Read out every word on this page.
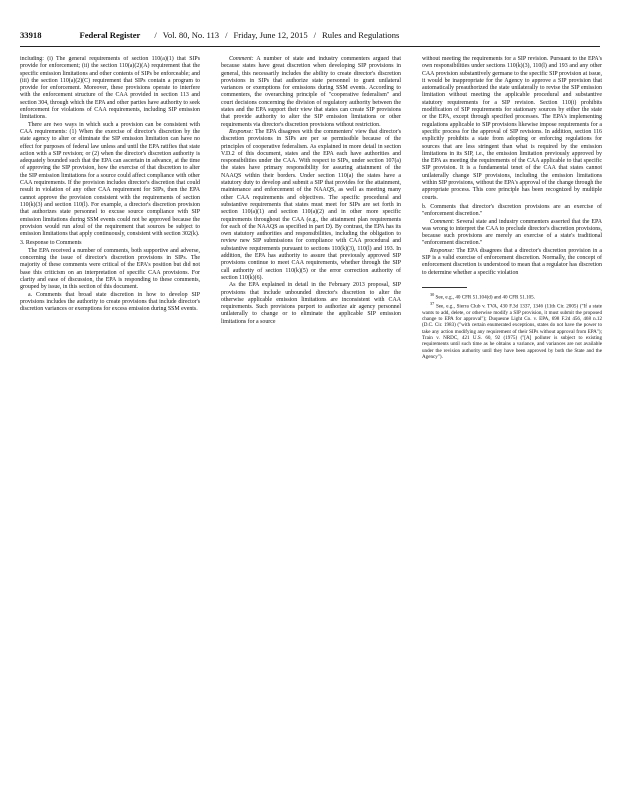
33918	Federal Register / Vol. 80, No. 113 / Friday, June 12, 2015 / Rules and Regulations

including: (i) The general requirements of section 110(a)(1) that SIPs provide for enforcement; (ii) the section 110(a)(2)(A) requirement that the specific emission limitations and other contents of SIPs be enforceable; and (iii) the section 110(a)(2)(C) requirement that SIPs contain a program to provide for enforcement. Moreover, these provisions operate to interfere with the enforcement structure of the CAA provided in section 113 and section 304, through which the EPA and other parties have authority to seek enforcement for violations of CAA requirements, including SIP emission limitations.

There are two ways in which such a provision can be consistent with CAA requirements: (1) When the exercise of director's discretion by the state agency to alter or eliminate the SIP emission limitation can have no effect for purposes of federal law unless and until the EPA ratifies that state action with a SIP revision; or (2) when the director's discretion authority is adequately bounded such that the EPA can ascertain in advance, at the time of approving the SIP provision, how the exercise of that discretion to alter the SIP emission limitations for a source could affect compliance with other CAA requirements. If the provision includes director's discretion that could result in violation of any other CAA requirement for SIPs, then the EPA cannot approve the provision consistent with the requirements of section 110(k)(3) and section 110(l). For example, a director's discretion provision that authorizes state personnel to excuse source compliance with SIP emission limitations during SSM events could not be approved because the provision would run afoul of the requirement that sources be subject to emission limitations that apply continuously, consistent with section 302(k).

3. Response to Comments

The EPA received a number of comments, both supportive and adverse, concerning the issue of director's discretion provisions in SIPs. The majority of these comments were critical of the EPA's position but did not base this criticism on an interpretation of specific CAA provisions. For clarity and ease of discussion, the EPA is responding to these comments, grouped by issue, in this section of this document.

a. Comments that broad state discretion in how to develop SIP provisions includes the authority to create provisions that include director's discretion variances or exemptions for excess emission during SSM events.

Comment: A number of state and industry commenters argued that because states have great discretion when developing SIP provisions in general, this necessarily includes the ability to create director's discretion provisions in SIPs that authorize state personnel to grant unilateral variances or exemptions for emissions during SSM events. According to commenters, the overarching principle of "cooperative federalism" and court decisions concerning the division of regulatory authority between the states and the EPA support their view that states can create SIP provisions that provide authority to alter the SIP emission limitations or other requirements via director's discretion provisions without restriction.

Response: The EPA disagrees with the commenters' view that director's discretion provisions in SIPs are per se permissible because of the principles of cooperative federalism. As explained in more detail in section V.D.2 of this document, states and the EPA each have authorities and responsibilities under the CAA. With respect to SIPs, under section 107(a) the states have primary responsibility for assuring attainment of the NAAQS within their borders. Under section 110(a) the states have a statutory duty to develop and submit a SIP that provides for the attainment, maintenance and enforcement of the NAAQS, as well as meeting many other CAA requirements and objectives. The specific procedural and substantive requirements that states must meet for SIPs are set forth in section 110(a)(1) and section 110(a)(2) and in other more specific requirements throughout the CAA (e.g., the attainment plan requirements for each of the NAAQS as specified in part D). By contrast, the EPA has its own statutory authorities and responsibilities, including the obligation to review new SIP submissions for compliance with CAA procedural and substantive requirements pursuant to sections 110(k)(3), 110(l) and 193. In addition, the EPA has authority to assure that previously approved SIP provisions continue to meet CAA requirements, whether through the SIP call authority of section 110(k)(5) or the error correction authority of section 110(k)(6).

As the EPA explained in detail in the February 2013 proposal, SIP provisions that include unbounded director's discretion to alter the otherwise applicable emission limitations are inconsistent with CAA requirements. Such provisions purport to authorize air agency personnel unilaterally to change or to eliminate the applicable SIP emission limitations for a source

without meeting the requirements for a SIP revision. Pursuant to the EPA's own responsibilities under sections 110(k)(3), 110(l) and 193 and any other CAA provision substantively germane to the specific SIP provision at issue, it would be inappropriate for the Agency to approve a SIP provision that automatically preauthorized the state unilaterally to revise the SIP emission limitation without meeting the applicable procedural and substantive statutory requirements for a SIP revision. Section 110(i) prohibits modification of SIP requirements for stationary sources by either the state or the EPA, except through specified processes. The EPA's implementing regulations applicable to SIP provisions likewise impose requirements for a specific process for the approval of SIP revisions. In addition, section 116 explicitly prohibits a state from adopting or enforcing regulations for sources that are less stringent than what is required by the emission limitations in its SIP, i.e., the emission limitation previously approved by the EPA as meeting the requirements of the CAA applicable to that specific SIP provision. It is a fundamental tenet of the CAA that states cannot unilaterally change SIP provisions, including the emission limitations within SIP provisions, without the EPA's approval of the change through the appropriate process. This core principle has been recognized by multiple courts.

b. Comments that director's discretion provisions are an exercise of "enforcement discretion."

Comment: Several state and industry commenters asserted that the EPA was wrong to interpret the CAA to preclude director's discretion provisions, because such provisions are merely an exercise of a state's traditional "enforcement discretion."

Response: The EPA disagrees that a director's discretion provision in a SIP is a valid exercise of enforcement discretion. Normally, the concept of enforcement discretion is understood to mean that a regulator has discretion to determine whether a specific violation

$^{30}$ See, e.g., 40 CFR 51.104(d) and 40 CFR 51.105.

$^{37}$ See, e.g., Sierra Club v. TVA, 430 F.3d 1337, 1346 (11th Cir. 2005) ("If a state wants to add, delete, or otherwise modify a SIP provision, it must submit the proposed change to EPA for approval"); Duquesne Light Co. v. EPA, 698 F.2d 456, 468 n.12 (D.C. Cir. 1983) ("with certain enumerated exceptions, states do not have the power to take any action modifying any requirement of their SIPs without approval from EPA"); Train v. NRDC, 421 U.S. 60, 92 (1975) ("[A] polluter is subject to existing requirements until such time as he obtains a variance, and variances are not available under the revision authority until they have been approved by both the State and the Agency").
